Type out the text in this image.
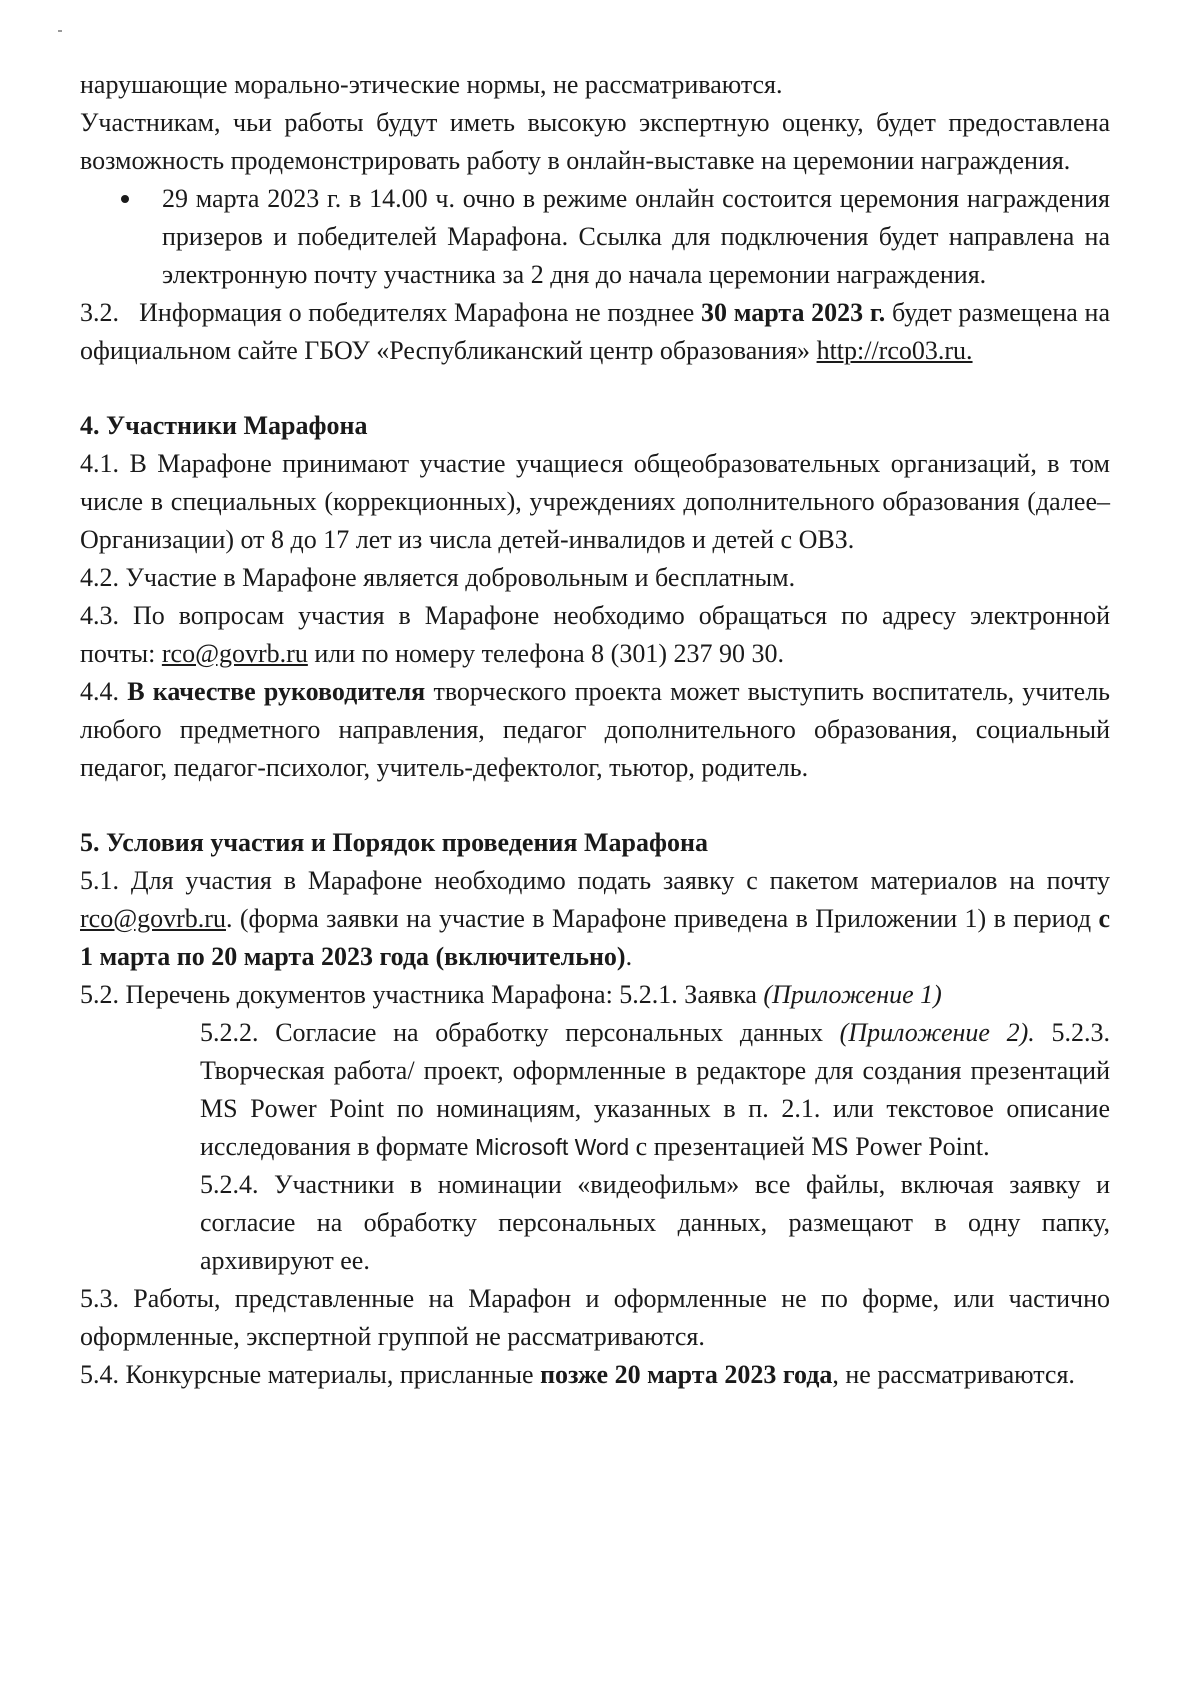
нарушающие морально-этические нормы, не рассматриваются.

Участникам, чьи работы будут иметь высокую экспертную оценку, будет предоставлена возможность продемонстрировать работу в онлайн-выставке на церемонии награждения.

29 марта 2023 г. в 14.00 ч. очно в режиме онлайн состоится церемония награждения призеров и победителей Марафона. Ссылка для подключения будет направлена на электронную почту участника за 2 дня до начала церемонии награждения.

3.2. Информация о победителях Марафона не позднее 30 марта 2023 г. будет размещена на официальном сайте ГБОУ «Республиканский центр образования» http://rco03.ru.

4. Участники Марафона

4.1. В Марафоне принимают участие учащиеся общеобразовательных организаций, в том числе в специальных (коррекционных), учреждениях дополнительного образования (далее–Организации) от 8 до 17 лет из числа детей-инвалидов и детей с ОВЗ.

4.2. Участие в Марафоне является добровольным и бесплатным.

4.3. По вопросам участия в Марафоне необходимо обращаться по адресу электронной почты: rco@govrb.ru или по номеру телефона 8 (301) 237 90 30.

4.4. В качестве руководителя творческого проекта может выступить воспитатель, учитель любого предметного направления, педагог дополнительного образования, социальный педагог, педагог-психолог, учитель-дефектолог, тьютор, родитель.

5. Условия участия и Порядок проведения Марафона

5.1. Для участия в Марафоне необходимо подать заявку с пакетом материалов на почту rco@govrb.ru. (форма заявки на участие в Марафоне приведена в Приложении 1) в период с 1 марта по 20 марта 2023 года (включительно).

5.2. Перечень документов участника Марафона: 5.2.1. Заявка (Приложение 1)

5.2.2. Согласие на обработку персональных данных (Приложение 2). 5.2.3. Творческая работа/ проект, оформленные в редакторе для создания презентаций MS Power Point по номинациям, указанных в п. 2.1. или текстовое описание исследования в формате Microsoft Word с презентацией MS Power Point.

5.2.4. Участники в номинации «видеофильм» все файлы, включая заявку и согласие на обработку персональных данных, размещают в одну папку, архивируют ее.

5.3. Работы, представленные на Марафон и оформленные не по форме, или частично оформленные, экспертной группой не рассматриваются.

5.4. Конкурсные материалы, присланные позже 20 марта 2023 года, не рассматриваются.
